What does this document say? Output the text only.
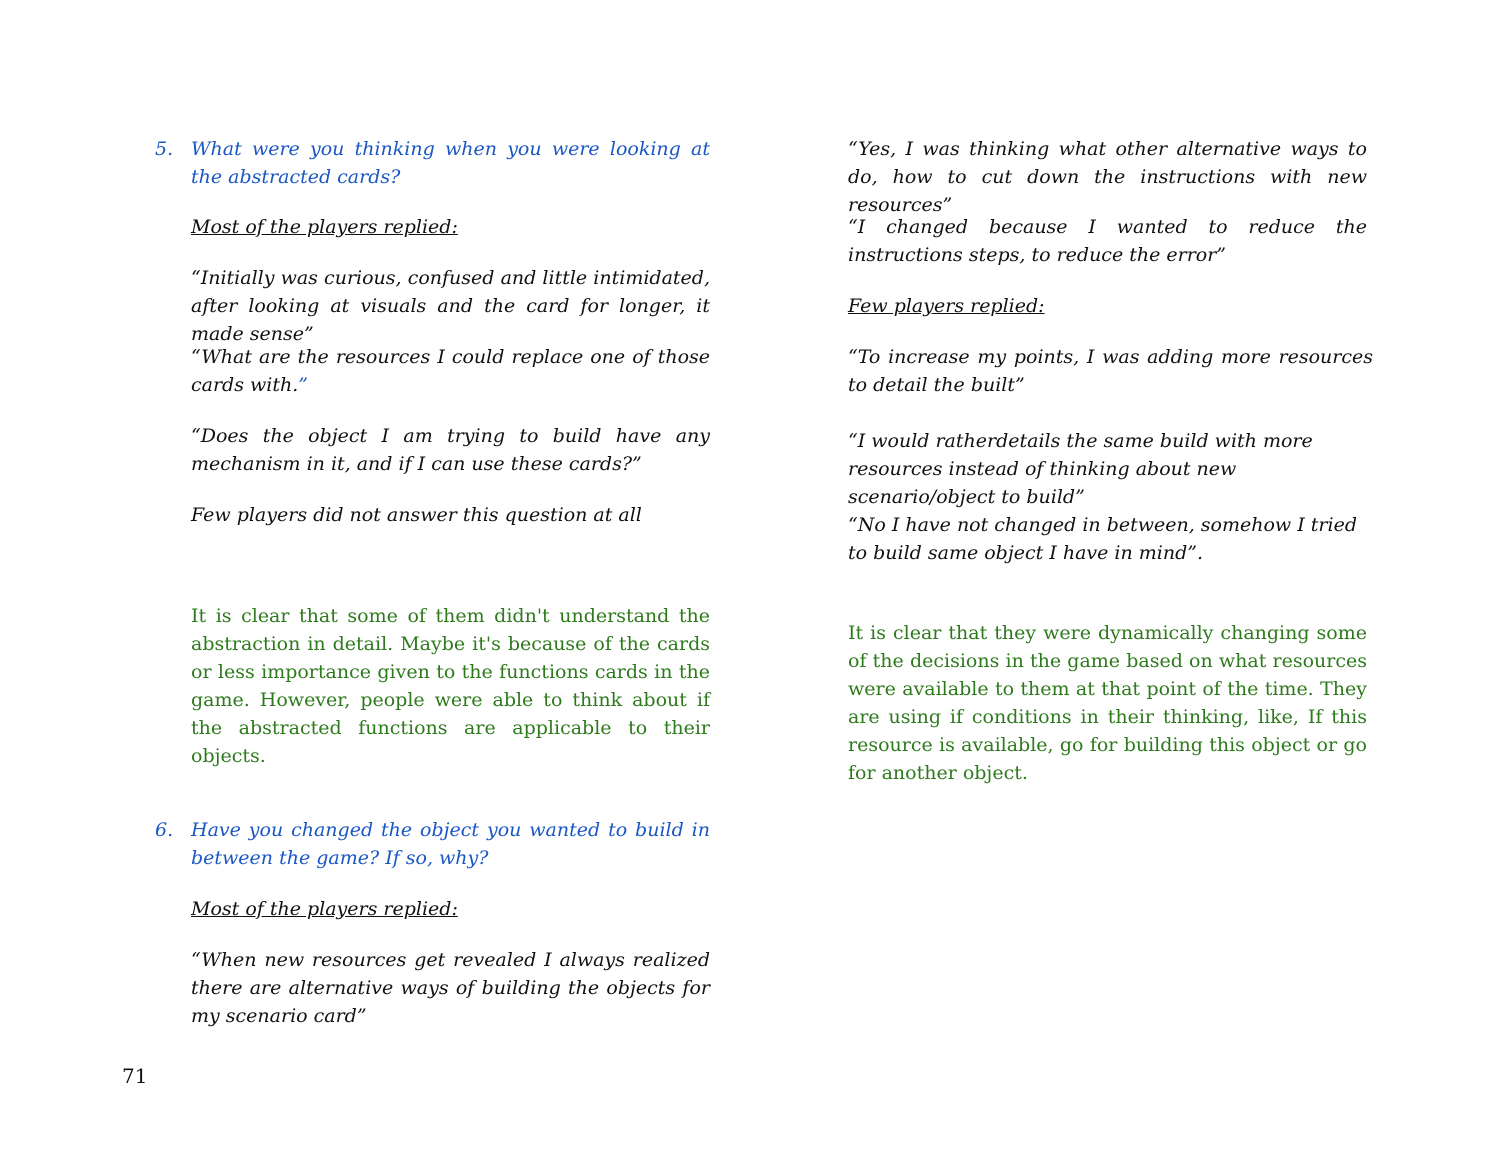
5. What were you thinking when you were looking at the abstracted cards?

Most of the players replied:

“Initially was curious, confused and little intimidated, after looking at visuals and the card for longer, it made sense”

“What are the resources I could replace one of those cards with.”

“Does the object I am trying to build have any mechanism in it, and if I can use these cards?”

Few players did not answer this question at all

It is clear that some of them didn't understand the abstraction in detail. Maybe it's because of the cards or less importance given to the functions cards in the game. However, people were able to think about if the abstracted functions are applicable to their objects.

6. Have you changed the object you wanted to build in between the game? If so, why?

Most of the players replied:

“When new resources get revealed I always realized there are alternative ways of building the objects for my scenario card”

“Yes, I was thinking what other alternative ways to do, how to cut down the instructions with new resources”

“I changed because I wanted to reduce the instructions steps, to reduce the error”

Few players replied:

“To increase my points, I was adding more resources to detail the built”

“I would ratherdetails the same build with more resources instead of thinking about new scenario/object to build”

“No I have not changed in between, somehow I tried to build same object I have in mind”.

It is clear that they were dynamically changing some of the decisions in the game based on what resources were available to them at that point of the time. They are using if conditions in their thinking, like, If this resource is available, go for building this object or go for another object.

71
